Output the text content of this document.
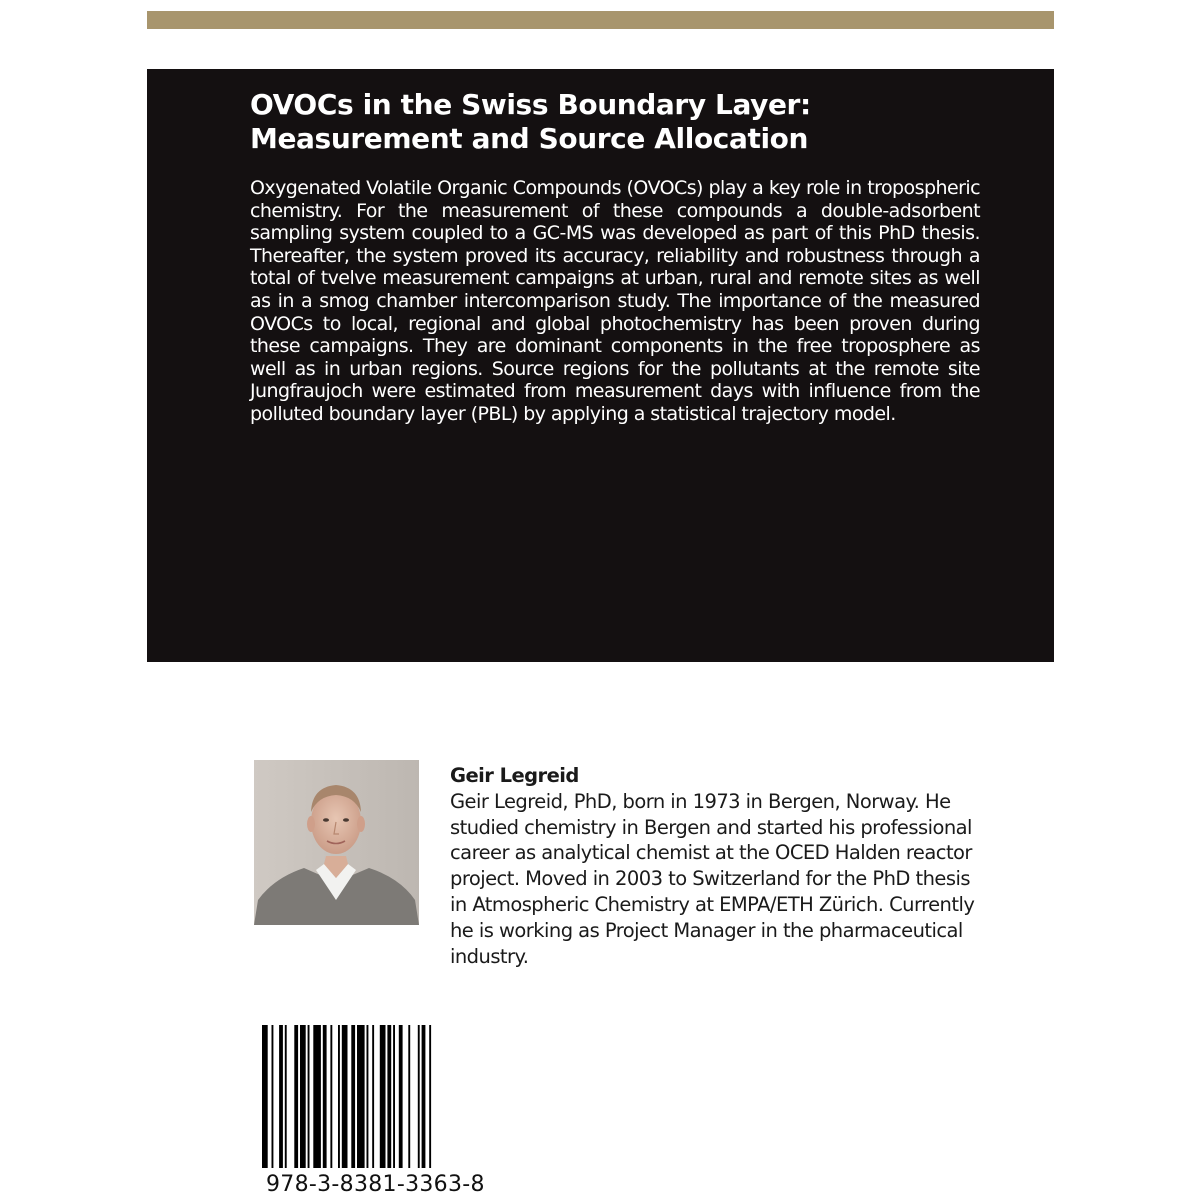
OVOCs in the Swiss Boundary Layer: Measurement and Source Allocation

Oxygenated Volatile Organic Compounds (OVOCs) play a key role in tropospheric chemistry. For the measurement of these compounds a double-adsorbent sampling system coupled to a GC-MS was developed as part of this PhD thesis. Thereafter, the system proved its accuracy, reliability and robustness through a total of tvelve measurement campaigns at urban, rural and remote sites as well as in a smog chamber intercomparison study. The importance of the measured OVOCs to local, regional and global photochemistry has been proven during these campaigns. They are dominant components in the free troposphere as well as in urban regions. Source regions for the pollutants at the remote site Jungfraujoch were estimated from measurement days with influence from the polluted boundary layer (PBL) by applying a statistical trajectory model.

Geir Legreid
Geir Legreid, PhD, born in 1973 in Bergen, Norway. He studied chemistry in Bergen and started his professional career as analytical chemist at the OCED Halden reactor project. Moved in 2003 to Switzerland for the PhD thesis in Atmospheric Chemistry at EMPA/ETH Zürich. Currently he is working as Project Manager in the pharmaceutical industry.
978-3-8381-3363-8
